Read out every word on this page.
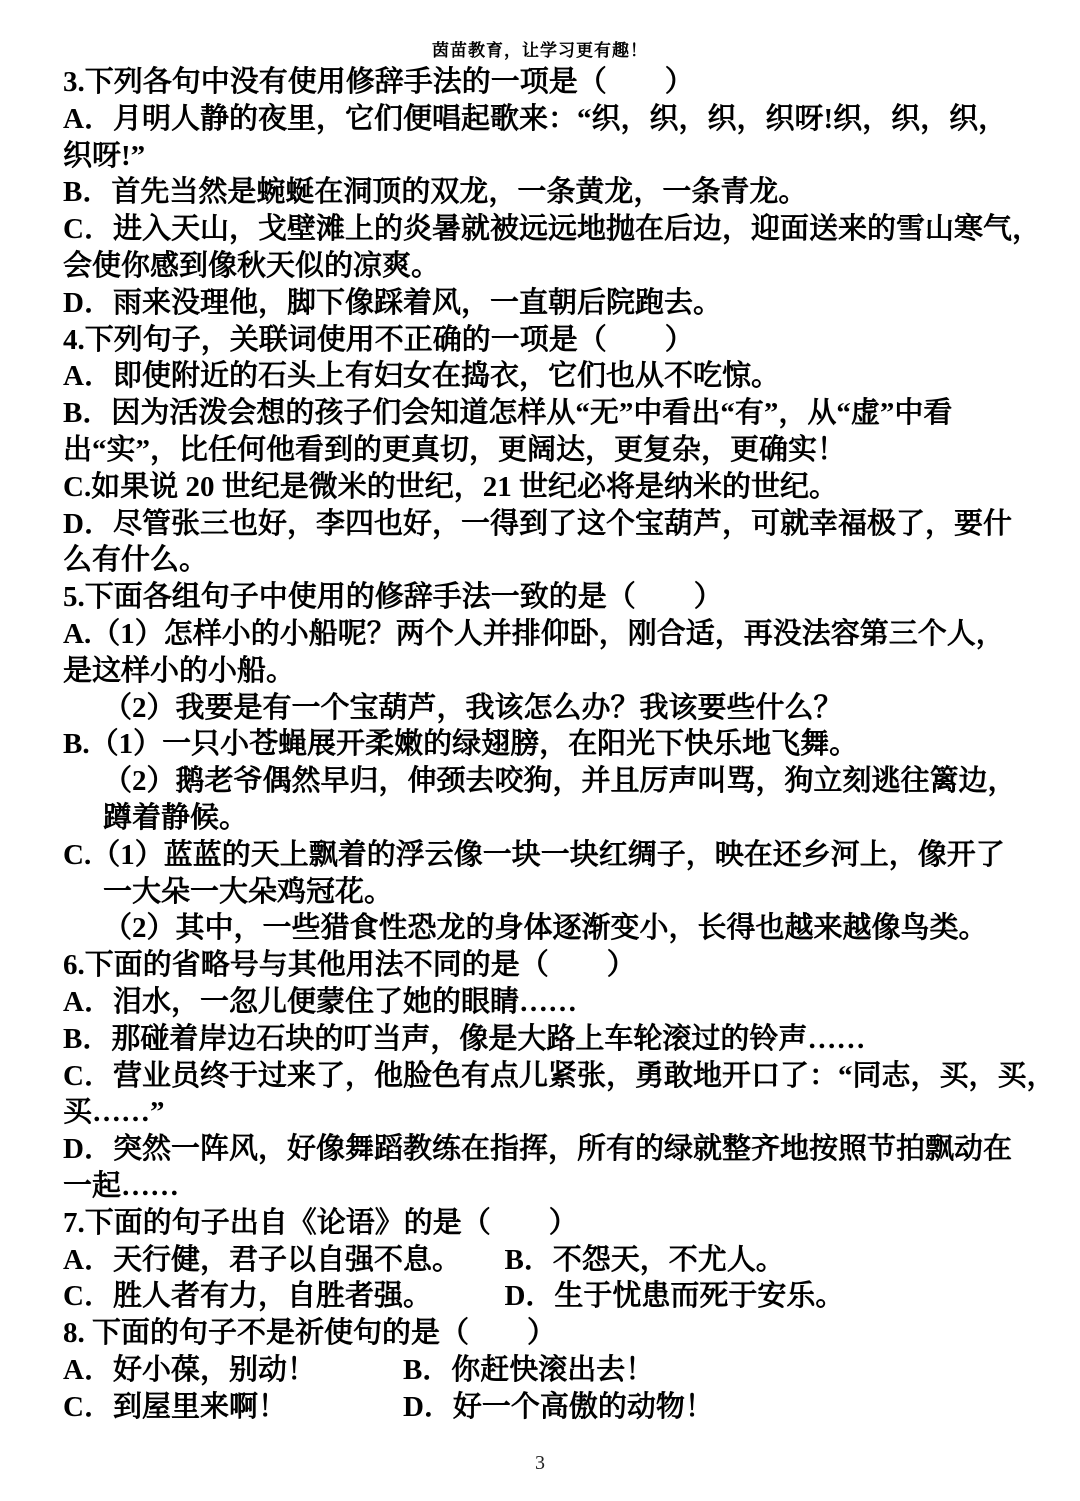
茵苗教育，让学习更有趣！
3.下列各句中没有使用修辞手法的一项是（　　）
A．月明人静的夜里，它们便唱起歌来：“织，织，织，织呀!织，织，织，
织呀!”
B．首先当然是蜿蜒在洞顶的双龙，一条黄龙，一条青龙。
C．进入天山，戈壁滩上的炎暑就被远远地抛在后边，迎面送来的雪山寒气，
会使你感到像秋天似的凉爽。
D．雨来没理他，脚下像踩着风，一直朝后院跑去。
4.下列句子，关联词使用不正确的一项是（　　）
A．即使附近的石头上有妇女在捣衣，它们也从不吃惊。
B．因为活泼会想的孩子们会知道怎样从“无”中看出“有”，从“虚”中看
出“实”，比任何他看到的更真切，更阔达，更复杂，更确实！
C.如果说 20 世纪是微米的世纪，21 世纪必将是纳米的世纪。
D．尽管张三也好，李四也好，一得到了这个宝葫芦，可就幸福极了，要什
么有什么。
5.下面各组句子中使用的修辞手法一致的是（　　）
A.（1）怎样小的小船呢？两个人并排仰卧，刚合适，再没法容第三个人，
是这样小的小船。
（2）我要是有一个宝葫芦，我该怎么办？我该要些什么？
B.（1）一只小苍蝇展开柔嫩的绿翅膀，在阳光下快乐地飞舞。
（2）鹅老爷偶然早归，伸颈去咬狗，并且厉声叫骂，狗立刻逃往篱边，
蹲着静候。
C.（1）蓝蓝的天上飘着的浮云像一块一块红绸子，映在还乡河上，像开了
一大朵一大朵鸡冠花。
（2）其中，一些猎食性恐龙的身体逐渐变小，长得也越来越像鸟类。
6.下面的省略号与其他用法不同的是（　　）
A．泪水，一忽儿便蒙住了她的眼睛……
B．那碰着岸边石块的叮当声，像是大路上车轮滚过的铃声……
C．营业员终于过来了，他脸色有点儿紧张，勇敢地开口了：“同志，买，买，
买……”
D．突然一阵风，好像舞蹈教练在指挥，所有的绿就整齐地按照节拍飘动在
一起……
7.下面的句子出自《论语》的是（　　）
A．天行健，君子以自强不息。　　B．不怨天，不尤人。
C．胜人者有力，自胜者强。　　　D．生于忧患而死于安乐。
8. 下面的句子不是祈使句的是（　　）
A．好小葆，别动！　　　B．你赶快滚出去！
C．到屋里来啊！　　　　D．好一个高傲的动物！
3
